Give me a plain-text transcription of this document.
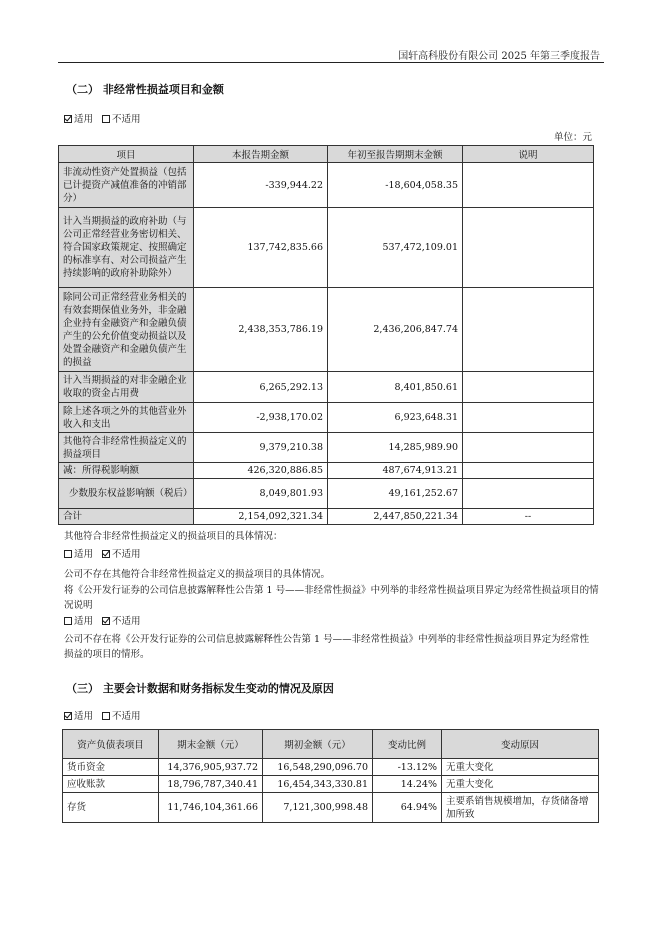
国轩高科股份有限公司 2025 年第三季度报告
（二） 非经常性损益项目和金额
适用 不适用
单位：元
项目	本报告期金额	年初至报告期期末金额	说明
非流动性资产处置损益（包括已计提资产减值准备的冲销部分）	-339,944.22	-18,604,058.35	
计入当期损益的政府补助（与公司正常经营业务密切相关、符合国家政策规定、按照确定的标准享有、对公司损益产生持续影响的政府补助除外）	137,742,835.66	537,472,109.01	
除同公司正常经营业务相关的有效套期保值业务外，非金融企业持有金融资产和金融负债产生的公允价值变动损益以及处置金融资产和金融负债产生的损益	2,438,353,786.19	2,436,206,847.74	
计入当期损益的对非金融企业收取的资金占用费	6,265,292.13	8,401,850.61	
除上述各项之外的其他营业外收入和支出	-2,938,170.02	6,923,648.31	
其他符合非经常性损益定义的损益项目	9,379,210.38	14,285,989.90	
减：所得税影响额	426,320,886.85	487,674,913.21	
少数股东权益影响额（税后）	8,049,801.93	49,161,252.67	
合计	2,154,092,321.34	2,447,850,221.34	--
其他符合非经常性损益定义的损益项目的具体情况：
适用 不适用
公司不存在其他符合非经常性损益定义的损益项目的具体情况。
将《公开发行证券的公司信息披露解释性公告第 1 号——非经常性损益》中列举的非经常性损益项目界定为经常性损益项目的情况说明
适用 不适用
公司不存在将《公开发行证券的公司信息披露解释性公告第 1 号——非经常性损益》中列举的非经常性损益项目界定为经常性损益的项目的情形。
（三） 主要会计数据和财务指标发生变动的情况及原因
适用 不适用
资产负债表项目	期末金额（元）	期初金额（元）	变动比例	变动原因
货币资金	14,376,905,937.72	16,548,290,096.70	-13.12%	无重大变化
应收账款	18,796,787,340.41	16,454,343,330.81	14.24%	无重大变化
存货	11,746,104,361.66	7,121,300,998.48	64.94%	主要系销售规模增加，存货储备增加所致
